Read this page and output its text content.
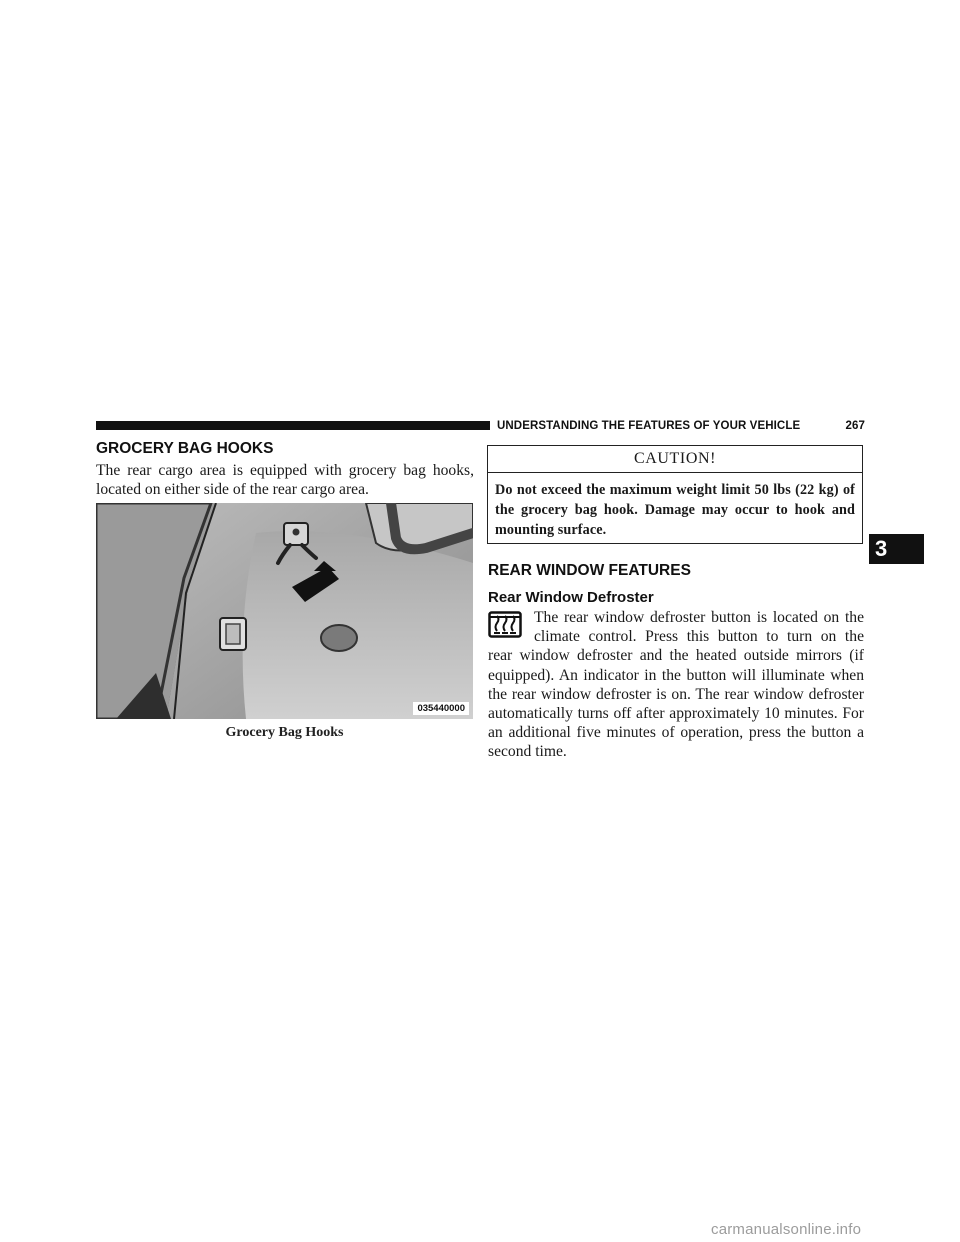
UNDERSTANDING THE FEATURES OF YOUR VEHICLE	267
GROCERY BAG HOOKS
The rear cargo area is equipped with grocery bag hooks, located on either side of the rear cargo area.
035440000
Grocery Bag Hooks
CAUTION!
Do not exceed the maximum weight limit 50 lbs (22 kg) of the grocery bag hook. Damage may occur to hook and mounting surface.
REAR WINDOW FEATURES
Rear Window Defroster
The rear window defroster button is located on the
climate control. Press this button to turn on the
rear window defroster and the heated outside mirrors (if equipped). An indicator in the button will illuminate when the rear window defroster is on. The rear window defroster automatically turns off after approximately 10 minutes. For an additional five minutes of operation, press the button a second time.
3
carmanualsonline.info
